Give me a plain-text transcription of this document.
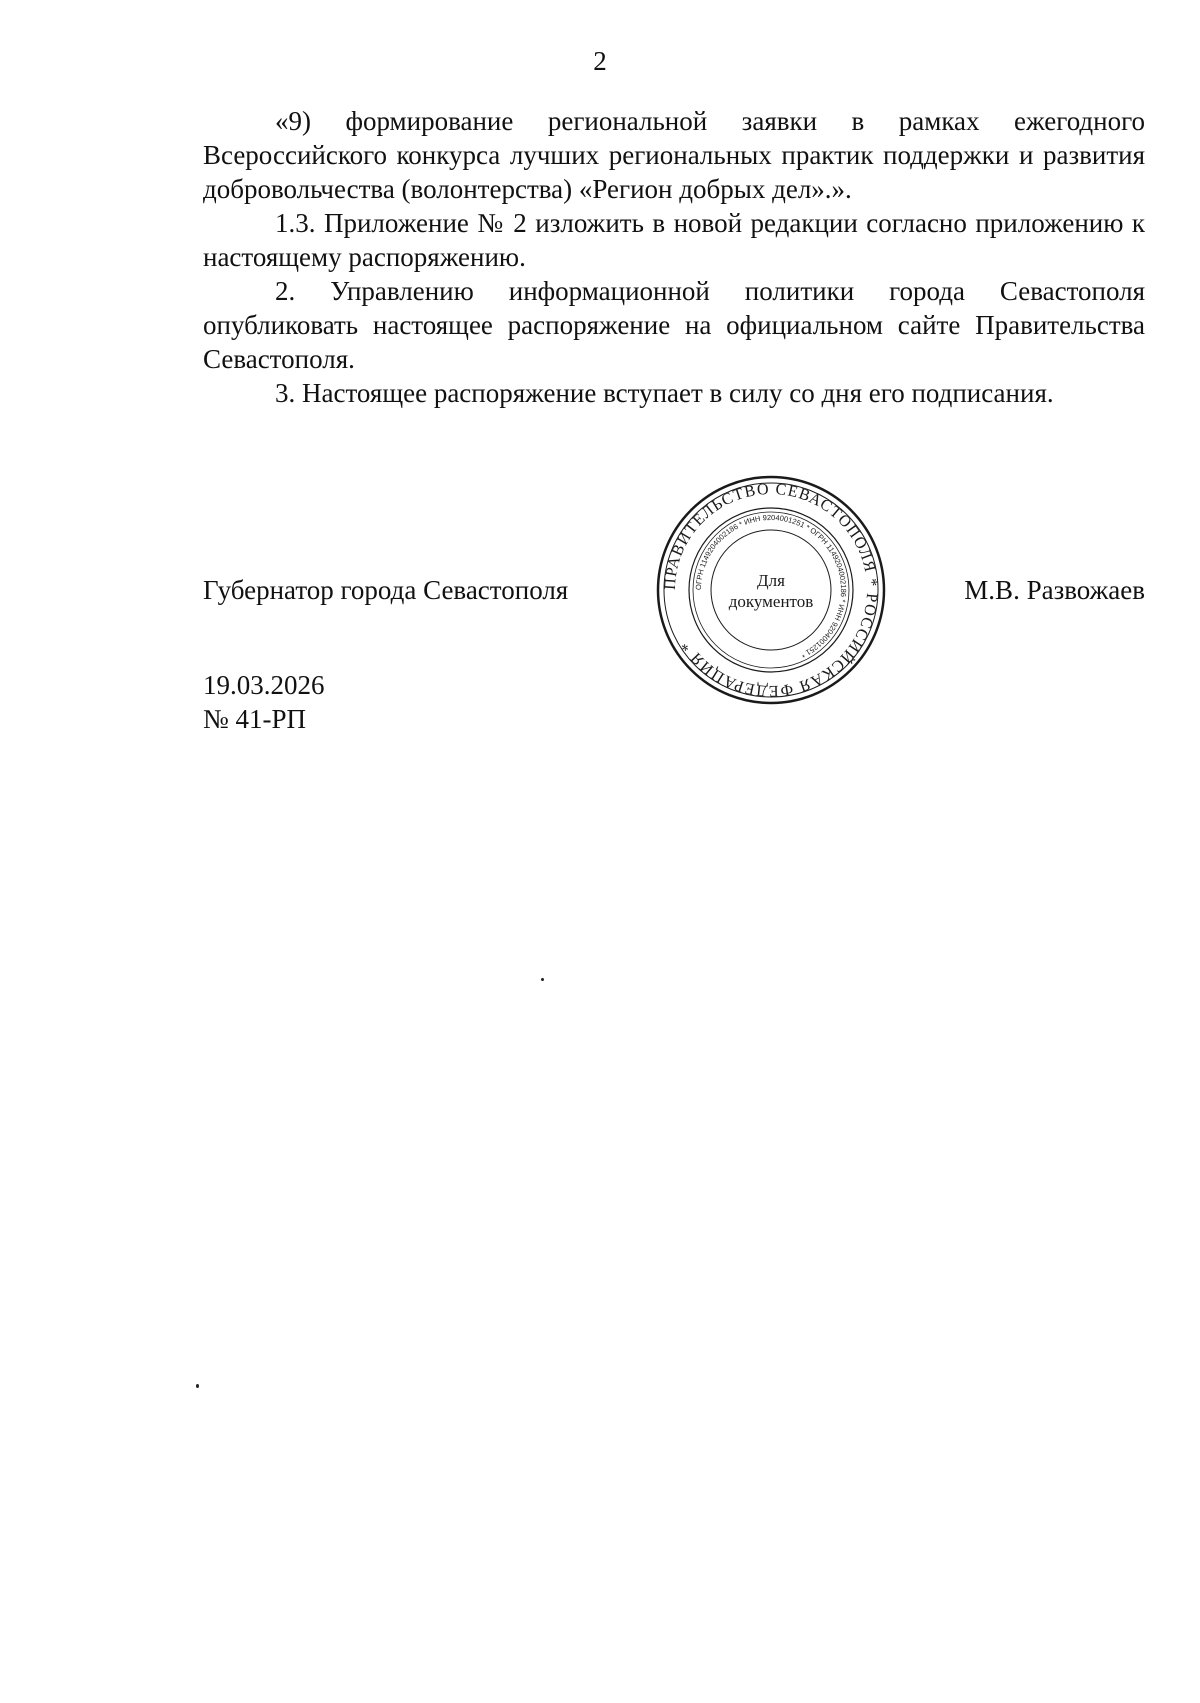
2

«9) формирование региональной заявки в рамках ежегодного Всероссийского конкурса лучших региональных практик поддержки и развития добровольчества (волонтерства) «Регион добрых дел».».

1.3. Приложение № 2 изложить в новой редакции согласно приложению к настоящему распоряжению.

2. Управлению информационной политики города Севастополя опубликовать настоящее распоряжение на официальном сайте Правительства Севастополя.

3. Настоящее распоряжение вступает в силу со дня его подписания.

Губернатор города Севастополя	М.В. Развожаев
ПРАВИТЕЛЬСТВО СЕВАСТОПОЛЯ * РОССИЙСКАЯ ФЕДЕРАЦИЯ *
ОГРН 1149204002186 * ИНН 9204001251 * ОГРН 1149204002186 * ИНН 9204001251 *
Для
документов
19.03.2026
№ 41-РП
